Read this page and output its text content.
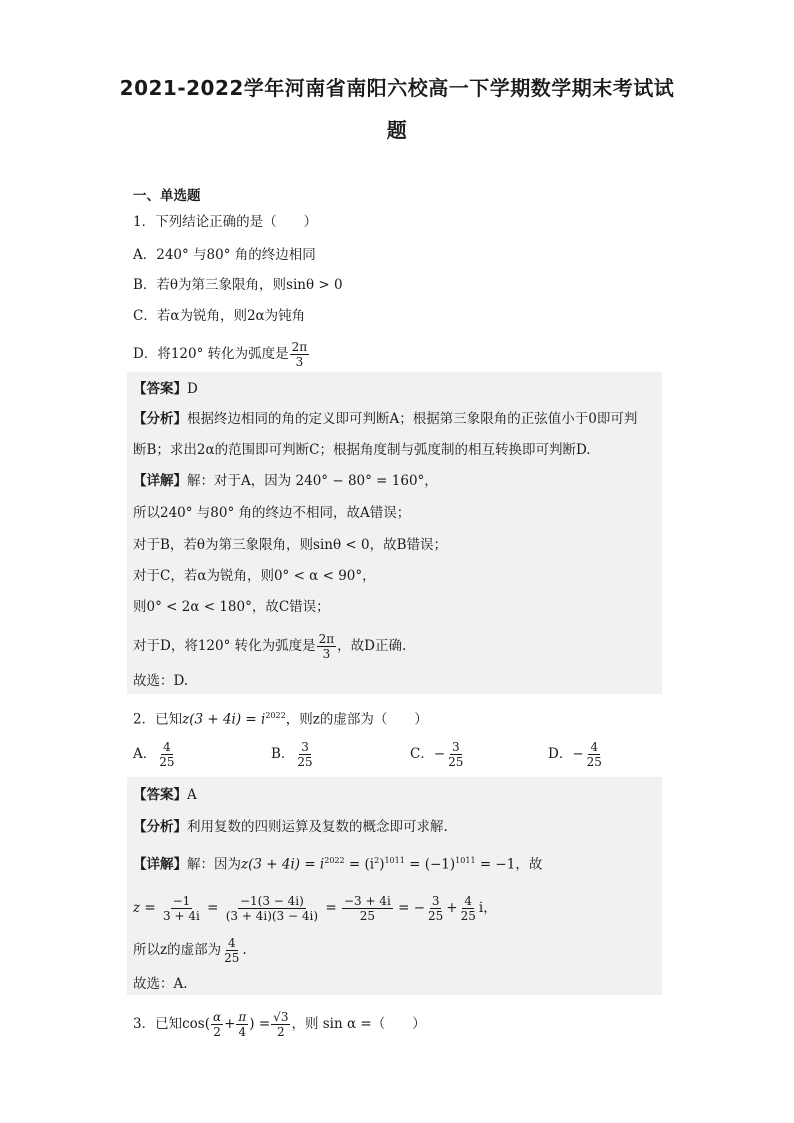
2021-2022学年河南省南阳六校高一下学期数学期末考试试
题
一、单选题
1．下列结论正确的是（　　）
A．240° 与80° 角的终边相同
B．若θ为第三象限角，则sinθ > 0
C．若α为锐角，则2α为钝角
D．将120° 转化为弧度是 $\frac{2\pi}{3}$
【答案】D
【分析】根据终边相同的角的定义即可判断A；根据第三象限角的正弦值小于0即可判
断B；求出2α的范围即可判断C；根据角度制与弧度制的相互转换即可判断D.
【详解】解：对于A，因为 240° − 80° = 160°，
所以240° 与80° 角的终边不相同，故A错误；
对于B，若θ为第三象限角，则sinθ < 0，故B错误；
对于C，若α为锐角，则0° < α < 90°，
则0° < 2α < 180°，故C错误；
对于D，将120° 转化为弧度是 $\frac{2\pi}{3}$ ，故D正确.
故选：D.
2．已知$z(3 + 4i) = i^{2022}$，则z的虚部为（　　）
A． $\frac{4}{25}$	B． $\frac{3}{25}$	C．− $\frac{3}{25}$	D．− $\frac{4}{25}$
【答案】A
【分析】利用复数的四则运算及复数的概念即可求解.
【详解】解：因为$z(3 + 4i) = i^{2022} = (i^2)^{1011} = (-1)^{1011} = -1$，故
$z = \frac{-1}{3 + 4i} = \frac{-1(3 - 4i)}{(3 + 4i)(3 - 4i)} = \frac{-3 + 4i}{25}$ = − $\frac{3}{25} + \frac{4}{25}$ i，
所以z的虚部为 $\frac{4}{25}$ .
故选：A.
3．已知$\cos( \frac{\alpha}{2} + \frac{\pi}{4}$ ) = $\frac{√3}{2}$ ，则 sin α =（　　）
